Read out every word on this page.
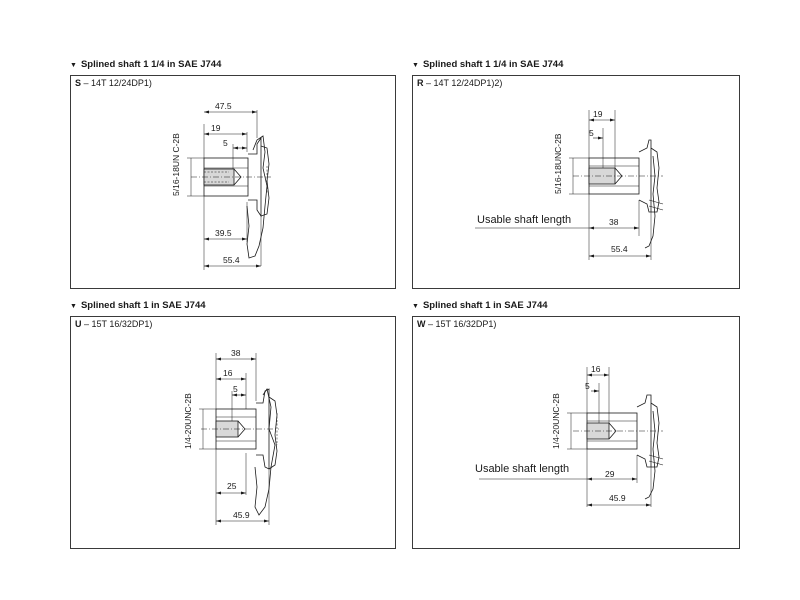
▼ Splined shaft 1 1/4 in SAE J744
S – 14T 12/24DP1)
47.5
19
5
39.5
55.4
5/16-18UN C-2B
▼ Splined shaft 1 1/4 in SAE J744
R – 14T 12/24DP1)2)
19
5
38
55.4
Usable shaft length
5/16-18UNC-2B
▼ Splined shaft 1 in SAE J744
U – 15T 16/32DP1)
38
16
5
25
45.9
1/4-20UNC-2B
▼ Splined shaft 1 in SAE J744
W – 15T 16/32DP1)
16
5
29
45.9
Usable shaft length
1/4-20UNC-2B
